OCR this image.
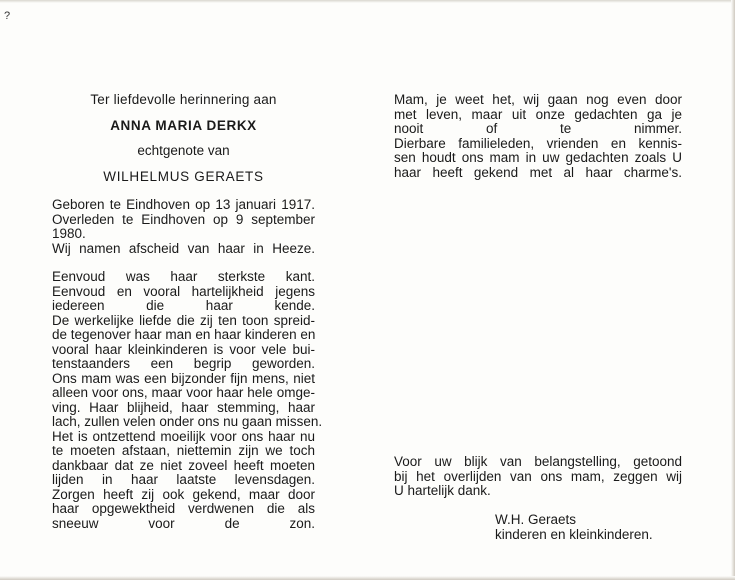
?

Ter liefdevolle herinnering aan

ANNA MARIA DERKX

echtgenote van

WILHELMUS GERAETS

Geboren te Eindhoven op 13 januari 1917.
Overleden te Eindhoven op 9 september
1980.
Wij namen afscheid van haar in Heeze.
Eenvoud was haar sterkste kant.
Eenvoud en vooral hartelijkheid jegens
iedereen die haar kende.
De werkelijke liefde die zij ten toon spreid-
de tegenover haar man en haar kinderen en
vooral haar kleinkinderen is voor vele bui-
tenstaanders een begrip geworden.
Ons mam was een bijzonder fijn mens, niet
alleen voor ons, maar voor haar hele omge-
ving. Haar blijheid, haar stemming, haar
lach, zullen velen onder ons nu gaan missen.
Het is ontzettend moeilijk voor ons haar nu
te moeten afstaan, niettemin zijn we toch
dankbaar dat ze niet zoveel heeft moeten
lijden in haar laatste levensdagen.
Zorgen heeft zij ook gekend, maar door
haar opgewektheid verdwenen die als
sneeuw voor de zon.
Mam, je weet het, wij gaan nog even door
met leven, maar uit onze gedachten ga je
nooit of te nimmer.
Dierbare familieleden, vrienden en kennis-
sen houdt ons mam in uw gedachten zoals U
haar heeft gekend met al haar charme's.
Voor uw blijk van belangstelling, getoond
bij het overlijden van ons mam, zeggen wij
U hartelijk dank.
W.H. Geraets
kinderen en kleinkinderen.
